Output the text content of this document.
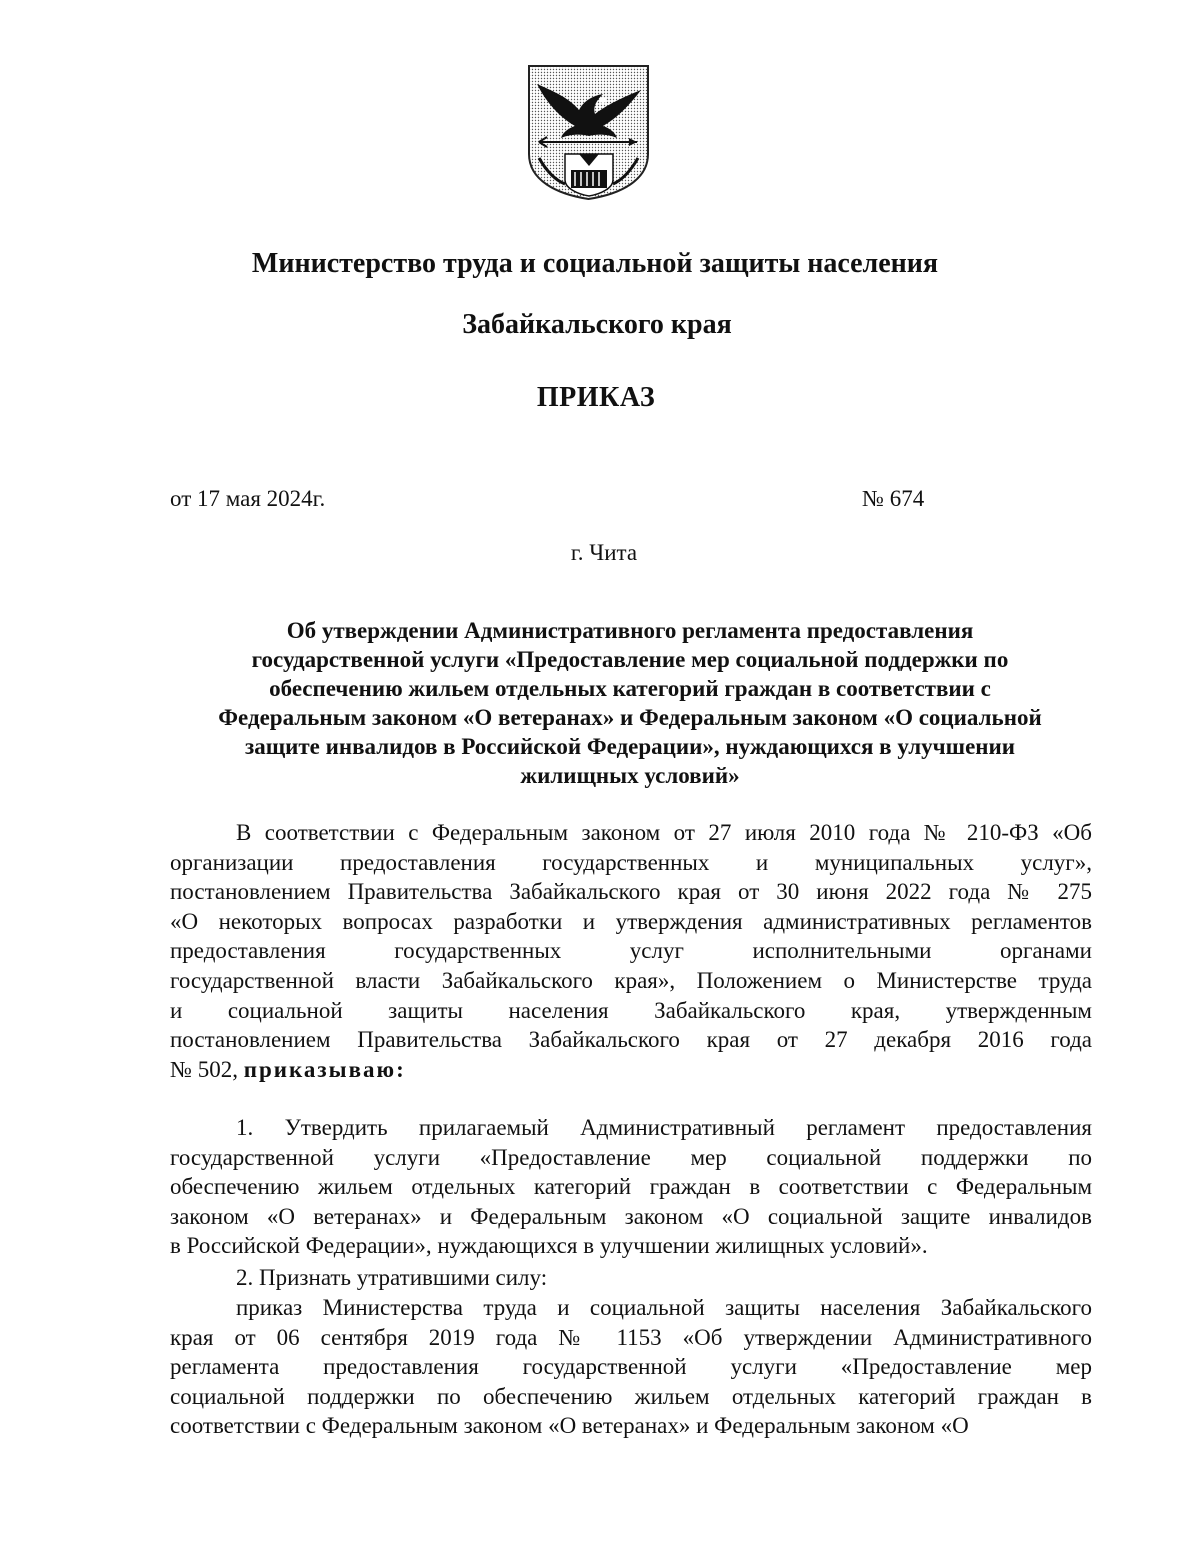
Министерство труда и социальной защиты населения
Забайкальского края
ПРИКАЗ
от 17 мая 2024г.	№ 674
г. Чита
Об утверждении Административного регламента предоставления
государственной услуги «Предоставление мер социальной поддержки по
обеспечению жильем отдельных категорий граждан в соответствии с
Федеральным законом «О ветеранах» и Федеральным законом «О социальной
защите инвалидов в Российской Федерации», нуждающихся в улучшении
жилищных условий»
В соответствии с Федеральным законом от 27 июля 2010 года № 210-ФЗ «Об
организации предоставления государственных и муниципальных услуг»,
постановлением Правительства Забайкальского края от 30 июня 2022 года № 275
«О некоторых вопросах разработки и утверждения административных регламентов
предоставления государственных услуг исполнительными органами
государственной власти Забайкальского края», Положением о Министерстве труда
и социальной защиты населения Забайкальского края, утвержденным
постановлением Правительства Забайкальского края от 27 декабря 2016 года
№ 502, приказываю:
1. Утвердить прилагаемый Административный регламент предоставления
государственной услуги «Предоставление мер социальной поддержки по
обеспечению жильем отдельных категорий граждан в соответствии с Федеральным
законом «О ветеранах» и Федеральным законом «О социальной защите инвалидов
в Российской Федерации», нуждающихся в улучшении жилищных условий».
2. Признать утратившими силу:
приказ Министерства труда и социальной защиты населения Забайкальского
края от 06 сентября 2019 года № 1153 «Об утверждении Административного
регламента предоставления государственной услуги «Предоставление мер
социальной поддержки по обеспечению жильем отдельных категорий граждан в
соответствии с Федеральным законом «О ветеранах» и Федеральным законом «О
